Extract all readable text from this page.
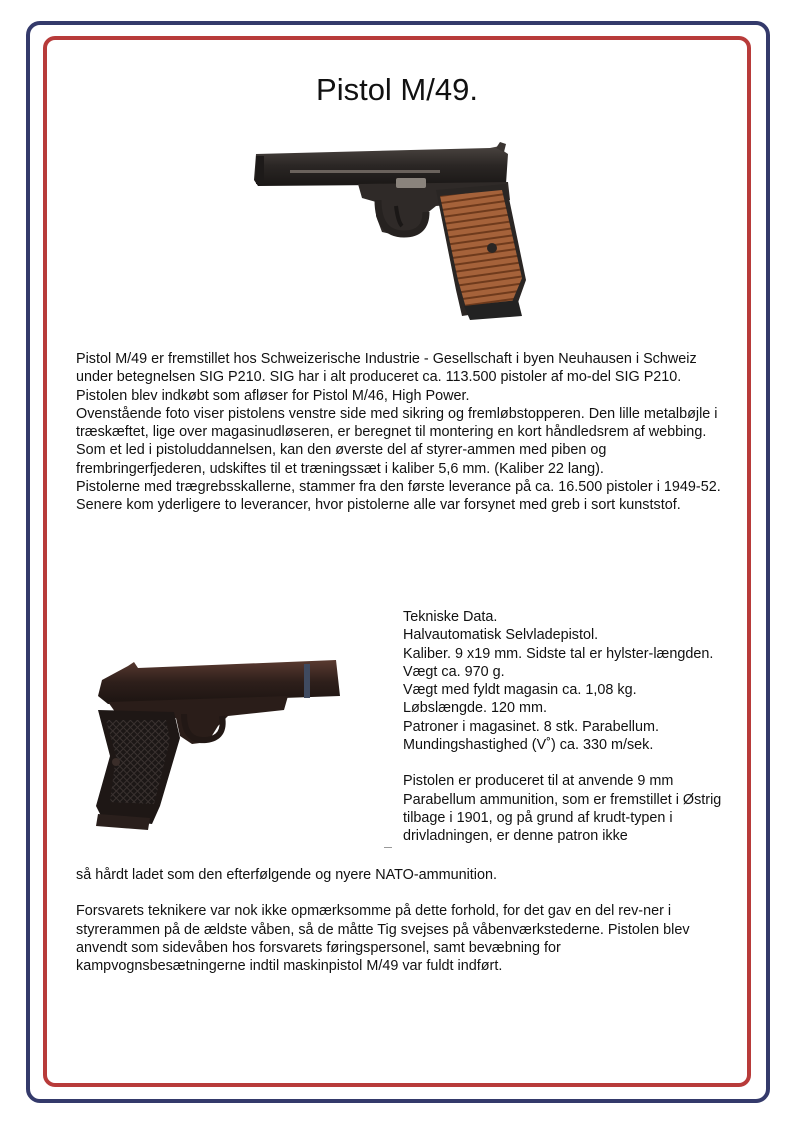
Pistol M/49.

Pistol M/49 er fremstillet hos Schweizerische Industrie - Gesellschaft i byen Neuhausen i Schweiz under betegnelsen SIG P210. SIG har i alt produceret ca. 113.500 pistoler af mo-del SIG P210. Pistolen blev indkøbt som afløser for Pistol M/46, High Power.

Ovenstående foto viser pistolens venstre side med sikring og fremløbstopperen. Den lille metalbøjle i træskæftet, lige over magasinudløseren, er beregnet til montering en kort håndledsrem af webbing. Som et led i pistoluddannelsen, kan den øverste del af styrer-ammen med piben og frembringerfjederen, udskiftes til et træningssæt i kaliber 5,6 mm. (Kaliber 22 lang).

Pistolerne med trægrebsskallerne, stammer fra den første leverance på ca. 16.500 pistoler i 1949-52. Senere kom yderligere to leverancer, hvor pistolerne alle var forsynet med greb i sort kunststof.

Tekniske Data.

Halvautomatisk Selvladepistol.

Kaliber. 9 x19 mm. Sidste tal er hylster-længden.

Vægt ca. 970 g.

Vægt med fyldt magasin ca. 1,08 kg.

Løbslængde. 120 mm.

Patroner i magasinet. 8 stk. Parabellum.

Mundingshastighed (V˚) ca. 330 m/sek.

Pistolen er produceret til at anvende 9 mm Parabellum ammunition, som er fremstillet i Østrig tilbage i 1901, og på grund af krudt-typen i drivladningen, er denne patron ikke

så hårdt ladet som den efterfølgende og nyere NATO-ammunition.

Forsvarets teknikere var nok ikke opmærksomme på dette forhold, for det gav en del rev-ner i styrerammen på de ældste våben, så de måtte Tig svejses på våbenværkstederne. Pistolen blev anvendt som sidevåben hos forsvarets føringspersonel, samt bevæbning for kampvognsbesætningerne indtil maskinpistol M/49 var fuldt indført.
